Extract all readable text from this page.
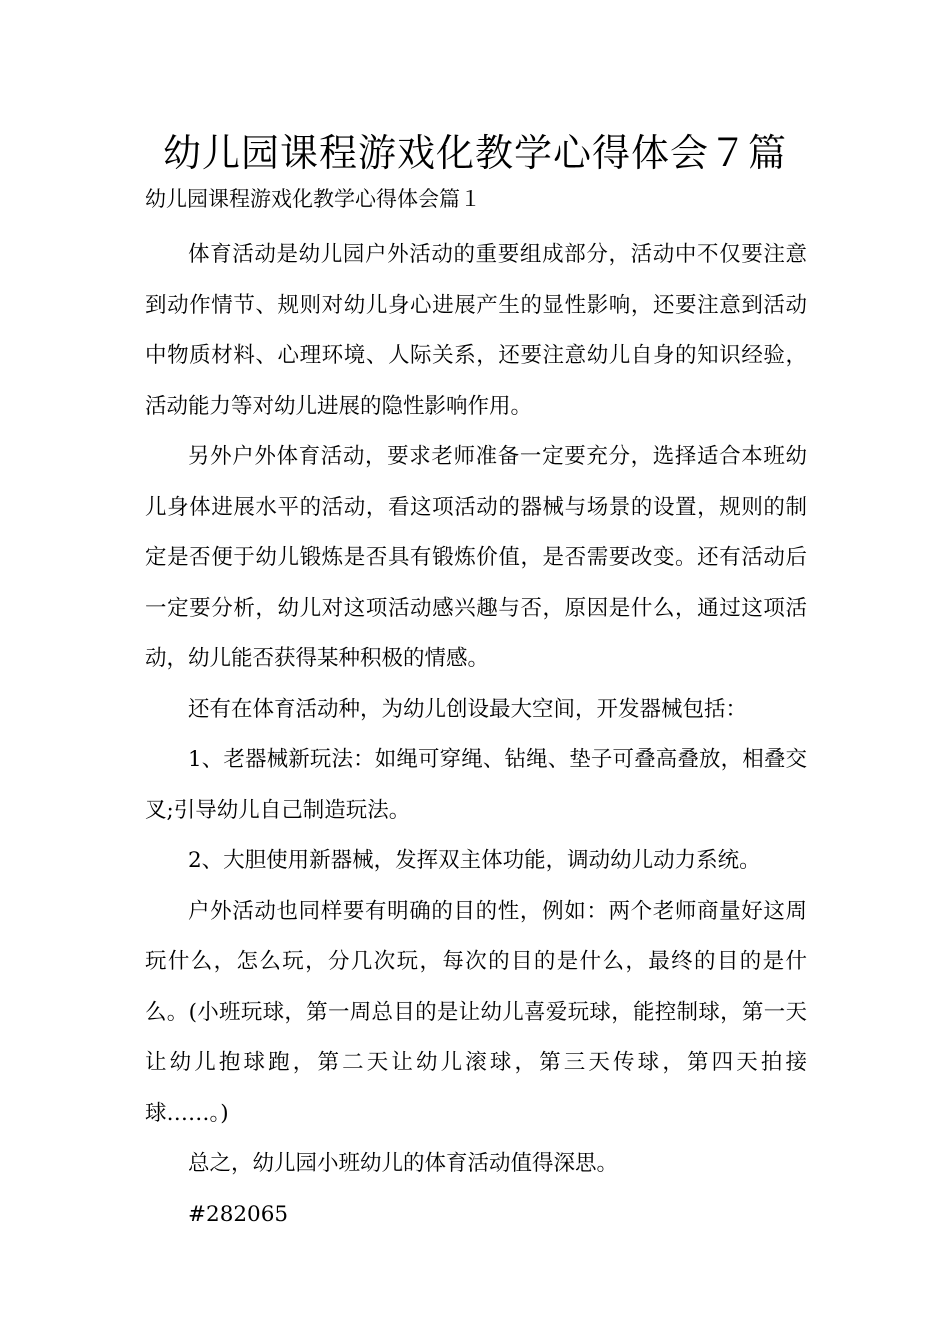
幼儿园课程游戏化教学心得体会７篇
幼儿园课程游戏化教学心得体会篇１

体育活动是幼儿园户外活动的重要组成部分，活动中不仅要注意到动作情节、规则对幼儿身心进展产生的显性影响，还要注意到活动中物质材料、心理环境、人际关系，还要注意幼儿自身的知识经验，活动能力等对幼儿进展的隐性影响作用。

另外户外体育活动，要求老师准备一定要充分，选择适合本班幼儿身体进展水平的活动，看这项活动的器械与场景的设置，规则的制定是否便于幼儿锻炼是否具有锻炼价值，是否需要改变。还有活动后一定要分析，幼儿对这项活动感兴趣与否，原因是什么，通过这项活动，幼儿能否获得某种积极的情感。

还有在体育活动种，为幼儿创设最大空间，开发器械包括：

1、老器械新玩法：如绳可穿绳、钻绳、垫子可叠高叠放，相叠交叉;引导幼儿自己制造玩法。

2、大胆使用新器械，发挥双主体功能，调动幼儿动力系统。

户外活动也同样要有明确的目的性，例如：两个老师商量好这周玩什么，怎么玩，分几次玩，每次的目的是什么，最终的目的是什么。(小班玩球，第一周总目的是让幼儿喜爱玩球，能控制球，第一天让幼儿抱球跑，第二天让幼儿滚球，第三天传球，第四天拍接球……。)

总之，幼儿园小班幼儿的体育活动值得深思。

#282065
